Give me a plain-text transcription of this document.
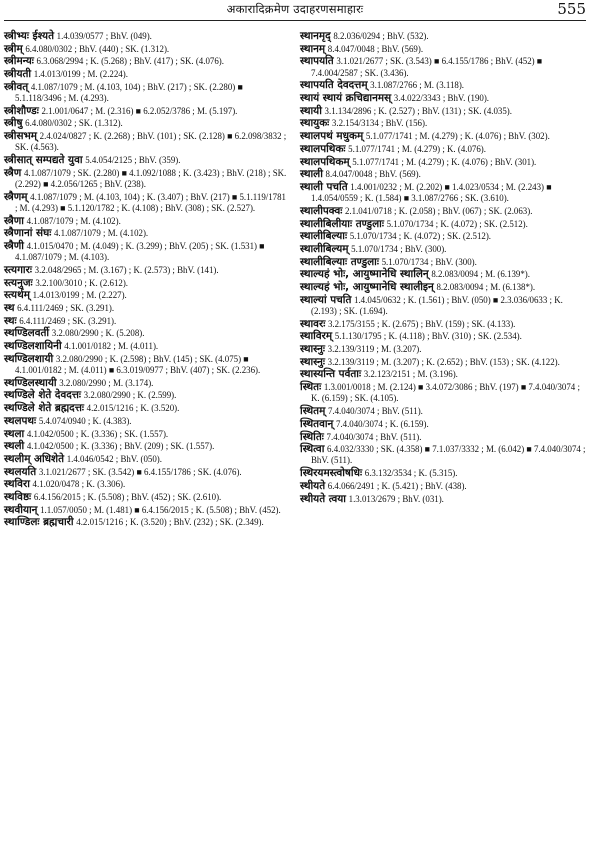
अकारादिक्रमेण उदाहरणसमाहारः	555
स्त्रीभ्यः ईश्यते 1.4.039/0577 ; BhV. (049).
स्त्रीम् 6.4.080/0302 ; BhV. (440) ; SK. (1.312).
स्त्रीमन्यः 6.3.068/2994 ; K. (5.268) ; BhV. (417) ; SK. (4.076).
स्त्रीयती 1.4.013/0199 ; M. (2.224).
स्त्रीवत् 4.1.087/1079 ; M. (4.103, 104) ; BhV. (217) ; SK. (2.280) ■ 5.1.118/3496 ; M. (4.293).
स्त्रीशौण्डः 2.1.001/0647 ; M. (2.316) ■ 6.2.052/3786 ; M. (5.197).
स्त्रीषु 6.4.080/0302 ; SK. (1.312).
स्त्रीसभम् 2.4.024/0827 ; K. (2.268) ; BhV. (101) ; SK. (2.128) ■ 6.2.098/3832 ; SK. (4.563).
स्त्रीसात् सम्पद्यते युवा 5.4.054/2125 ; BhV. (359).
स्त्रैण 4.1.087/1079 ; SK. (2.280) ■ 4.1.092/1088 ; K. (3.423) ; BhV. (218) ; SK. (2.292) ■ 4.2.056/1265 ; BhV. (238).
स्त्रैणम् 4.1.087/1079 ; M. (4.103, 104) ; K. (3.407) ; BhV. (217) ■ 5.1.119/1781 ; M. (4.293) ■ 5.1.120/1782 ; K. (4.108) ; BhV. (308) ; SK. (2.527).
स्त्रैणा 4.1.087/1079 ; M. (4.102).
स्त्रैणानां संघः 4.1.087/1079 ; M. (4.102).
स्त्रैणी 4.1.015/0470 ; M. (4.049) ; K. (3.299) ; BhV. (205) ; SK. (1.531) ■ 4.1.087/1079 ; M. (4.103).
स्त्यगारः 3.2.048/2965 ; M. (3.167) ; K. (2.573) ; BhV. (141).
स्त्यनुजः 3.2.100/3010 ; K. (2.612).
स्त्यर्थम् 1.4.013/0199 ; M. (2.227).
स्थ 6.4.111/2469 ; SK. (3.291).
स्थः 6.4.111/2469 ; SK. (3.291).
स्थण्डिलवर्ती 3.2.080/2990 ; K. (5.208).
स्थण्डिलशायिनी 4.1.001/0182 ; M. (4.011).
स्थण्डिलशायी 3.2.080/2990 ; K. (2.598) ; BhV. (145) ; SK. (4.075) ■ 4.1.001/0182 ; M. (4.011) ■ 6.3.019/0977 ; BhV. (407) ; SK. (2.236).
स्थण्डिलस्थायी 3.2.080/2990 ; M. (3.174).
स्थण्डिले शेते देवदत्तः 3.2.080/2990 ; K. (2.599).
स्थण्डिले शेते ब्रह्मदत्तः 4.2.015/1216 ; K. (3.520).
स्थलपथः 5.4.074/0940 ; K. (4.383).
स्थला 4.1.042/0500 ; K. (3.336) ; SK. (1.557).
स्थली 4.1.042/0500 ; K. (3.336) ; BhV. (209) ; SK. (1.557).
स्थलीम् अधिशेते 1.4.046/0542 ; BhV. (050).
स्थलयति 3.1.021/2677 ; SK. (3.542) ■ 6.4.155/1786 ; SK. (4.076).
स्थविरा 4.1.020/0478 ; K. (3.306).
स्थविष्ठः 6.4.156/2015 ; K. (5.508) ; BhV. (452) ; SK. (2.610).
स्थवीयान् 1.1.057/0050 ; M. (1.481) ■ 6.4.156/2015 ; K. (5.508) ; BhV. (452).
स्थाण्डिलः ब्रह्मचारी 4.2.015/1216 ; K. (3.520) ; BhV. (232) ; SK. (2.349).
स्थानमृद् 8.2.036/0294 ; BhV. (532).
स्थानम् 8.4.047/0048 ; BhV. (569).
स्थापयति 3.1.021/2677 ; SK. (3.543) ■ 6.4.155/1786 ; BhV. (452) ■ 7.4.004/2587 ; SK. (3.436).
स्थापयति देवदत्तम् 3.1.087/2766 ; M. (3.118).
स्थायं स्थायं क्रचिद्यानमस् 3.4.022/3343 ; BhV. (190).
स्थायी 3.1.134/2896 ; K. (2.527) ; BhV. (131) ; SK. (4.035).
स्थायुकः 3.2.154/3134 ; BhV. (156).
स्थालपथं मधुकम् 5.1.077/1741 ; M. (4.279) ; K. (4.076) ; BhV. (302).
स्थालपथिकः 5.1.077/1741 ; M. (4.279) ; K. (4.076).
स्थालपथिकम् 5.1.077/1741 ; M. (4.279) ; K. (4.076) ; BhV. (301).
स्थाली 8.4.047/0048 ; BhV. (569).
स्थाली पचति 1.4.001/0232 ; M. (2.202) ■ 1.4.023/0534 ; M. (2.243) ■ 1.4.054/0559 ; K. (1.584) ■ 3.1.087/2766 ; SK. (3.610).
स्थालीपक्वः 2.1.041/0718 ; K. (2.058) ; BhV. (067) ; SK. (2.063).
स्थालीबिलीयाः तण्डुलाः 5.1.070/1734 ; K. (4.072) ; SK. (2.512).
स्थालीबिल्याः 5.1.070/1734 ; K. (4.072) ; SK. (2.512).
स्थालीबिल्यम् 5.1.070/1734 ; BhV. (300).
स्थालीबिल्याः तण्डुलाः 5.1.070/1734 ; BhV. (300).
स्थाल्यहं भोः, आयुष्मानेधि स्थालिन् 8.2.083/0094 ; M. (6.139*).
स्थाल्यहं भोः, आयुष्मानेधि स्थालीइन् 8.2.083/0094 ; M. (6.138*).
स्थाल्यां पचति 1.4.045/0632 ; K. (1.561) ; BhV. (050) ■ 2.3.036/0633 ; K. (2.193) ; SK. (1.694).
स्थावरः 3.2.175/3155 ; K. (2.675) ; BhV. (159) ; SK. (4.133).
स्थाविरम् 5.1.130/1795 ; K. (4.118) ; BhV. (310) ; SK. (2.534).
स्थास्नुः 3.2.139/3119 ; M. (3.207).
स्थास्नुः 3.2.139/3119 ; M. (3.207) ; K. (2.652) ; BhV. (153) ; SK. (4.122).
स्थास्यन्ति पर्वताः 3.2.123/2151 ; M. (3.196).
स्थितः 1.3.001/0018 ; M. (2.124) ■ 3.4.072/3086 ; BhV. (197) ■ 7.4.040/3074 ; K. (6.159) ; SK. (4.105).
स्थितम् 7.4.040/3074 ; BhV. (511).
स्थितवान् 7.4.040/3074 ; K. (6.159).
स्थितिः 7.4.040/3074 ; BhV. (511).
स्थित्वा 6.4.032/3330 ; SK. (4.358) ■ 7.1.037/3332 ; M. (6.042) ■ 7.4.040/3074 ; BhV. (511).
स्थिरयमस्त्वोषधिः 6.3.132/3534 ; K. (5.315).
स्थीयते 6.4.066/2491 ; K. (5.421) ; BhV. (438).
स्थीयते त्वया 1.3.013/2679 ; BhV. (031).
